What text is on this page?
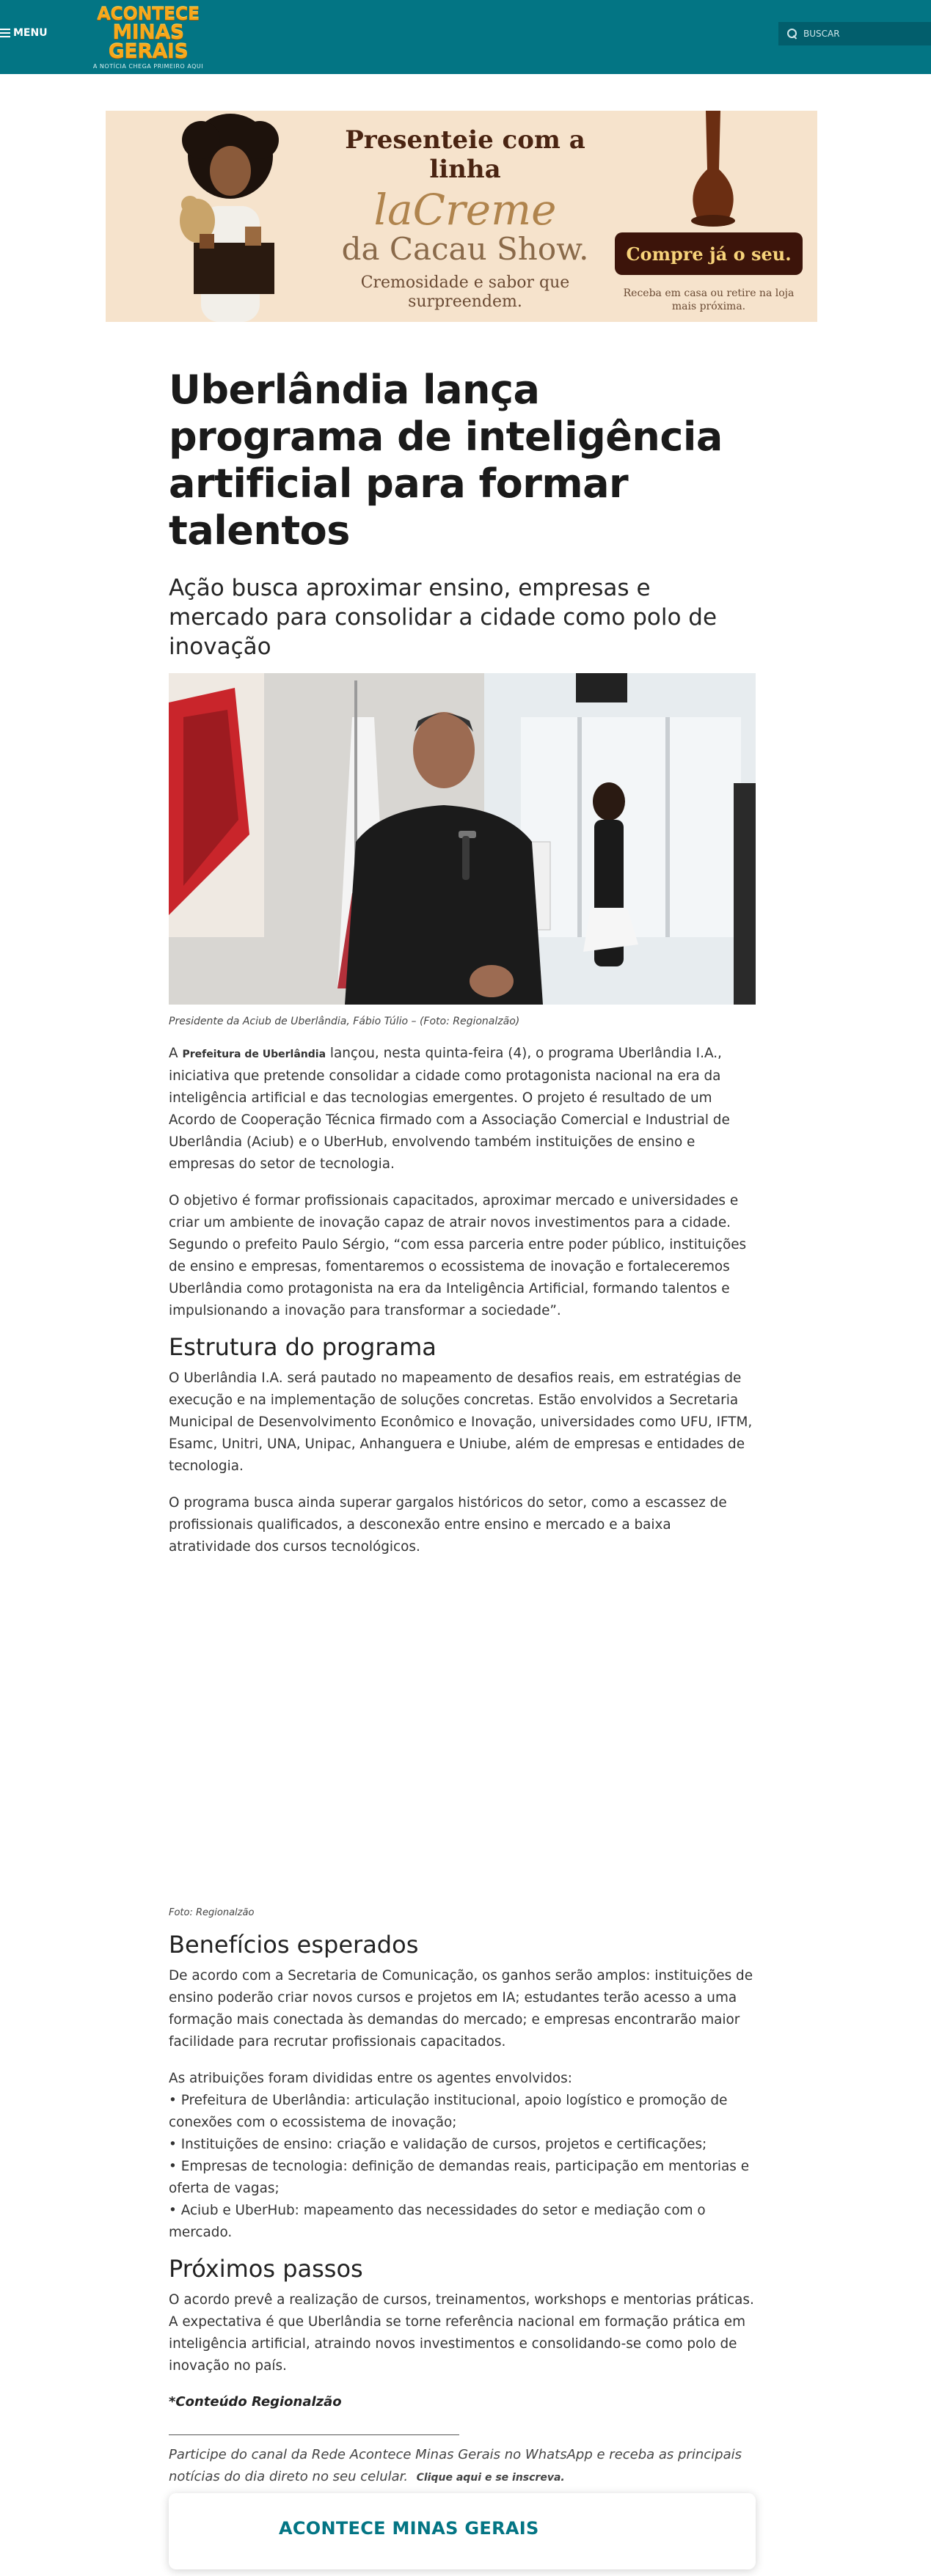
MENU
ACONTECE
MINAS GERAIS
A NOTÍCIA CHEGA PRIMEIRO AQUI
BUSCAR
Presenteie com a linha
laCreme
da Cacau Show.
Cremosidade e sabor que surpreendem.
Compre já o seu.
Receba em casa ou retire na loja mais próxima.
Uberlândia lança programa de inteligência artificial para formar talentos
Ação busca aproximar ensino, empresas e mercado para consolidar a cidade como polo de inovação
Presidente da Aciub de Uberlândia, Fábio Túlio – (Foto: Regionalzão)

A Prefeitura de Uberlândia lançou, nesta quinta-feira (4), o programa Uberlândia I.A., iniciativa que pretende consolidar a cidade como protagonista nacional na era da inteligência artificial e das tecnologias emergentes. O projeto é resultado de um Acordo de Cooperação Técnica firmado com a Associação Comercial e Industrial de Uberlândia (Aciub) e o UberHub, envolvendo também instituições de ensino e empresas do setor de tecnologia.

O objetivo é formar profissionais capacitados, aproximar mercado e universidades e criar um ambiente de inovação capaz de atrair novos investimentos para a cidade. Segundo o prefeito Paulo Sérgio, “com essa parceria entre poder público, instituições de ensino e empresas, fomentaremos o ecossistema de inovação e fortaleceremos Uberlândia como protagonista na era da Inteligência Artificial, formando talentos e impulsionando a inovação para transformar a sociedade”.

Estrutura do programa

O Uberlândia I.A. será pautado no mapeamento de desafios reais, em estratégias de execução e na implementação de soluções concretas. Estão envolvidos a Secretaria Municipal de Desenvolvimento Econômico e Inovação, universidades como UFU, IFTM, Esamc, Unitri, UNA, Unipac, Anhanguera e Uniube, além de empresas e entidades de tecnologia.

O programa busca ainda superar gargalos históricos do setor, como a escassez de profissionais qualificados, a desconexão entre ensino e mercado e a baixa atratividade dos cursos tecnológicos.

Foto: Regionalzão
Benefícios esperados

De acordo com a Secretaria de Comunicação, os ganhos serão amplos: instituições de ensino poderão criar novos cursos e projetos em IA; estudantes terão acesso a uma formação mais conectada às demandas do mercado; e empresas encontrarão maior facilidade para recrutar profissionais capacitados.

As atribuições foram divididas entre os agentes envolvidos:
• Prefeitura de Uberlândia: articulação institucional, apoio logístico e promoção de conexões com o ecossistema de inovação;
• Instituições de ensino: criação e validação de cursos, projetos e certificações;
• Empresas de tecnologia: definição de demandas reais, participação em mentorias e oferta de vagas;
• Aciub e UberHub: mapeamento das necessidades do setor e mediação com o mercado.
Próximos passos

O acordo prevê a realização de cursos, treinamentos, workshops e mentorias práticas. A expectativa é que Uberlândia se torne referência nacional em formação prática em inteligência artificial, atraindo novos investimentos e consolidando-se como polo de inovação no país.

*Conteúdo Regionalzão

Participe do canal da Rede Acontece Minas Gerais no WhatsApp e receba as principais notícias do dia direto no seu celular. Clique aqui e se inscreva.

ACONTECE MINAS GERAIS
